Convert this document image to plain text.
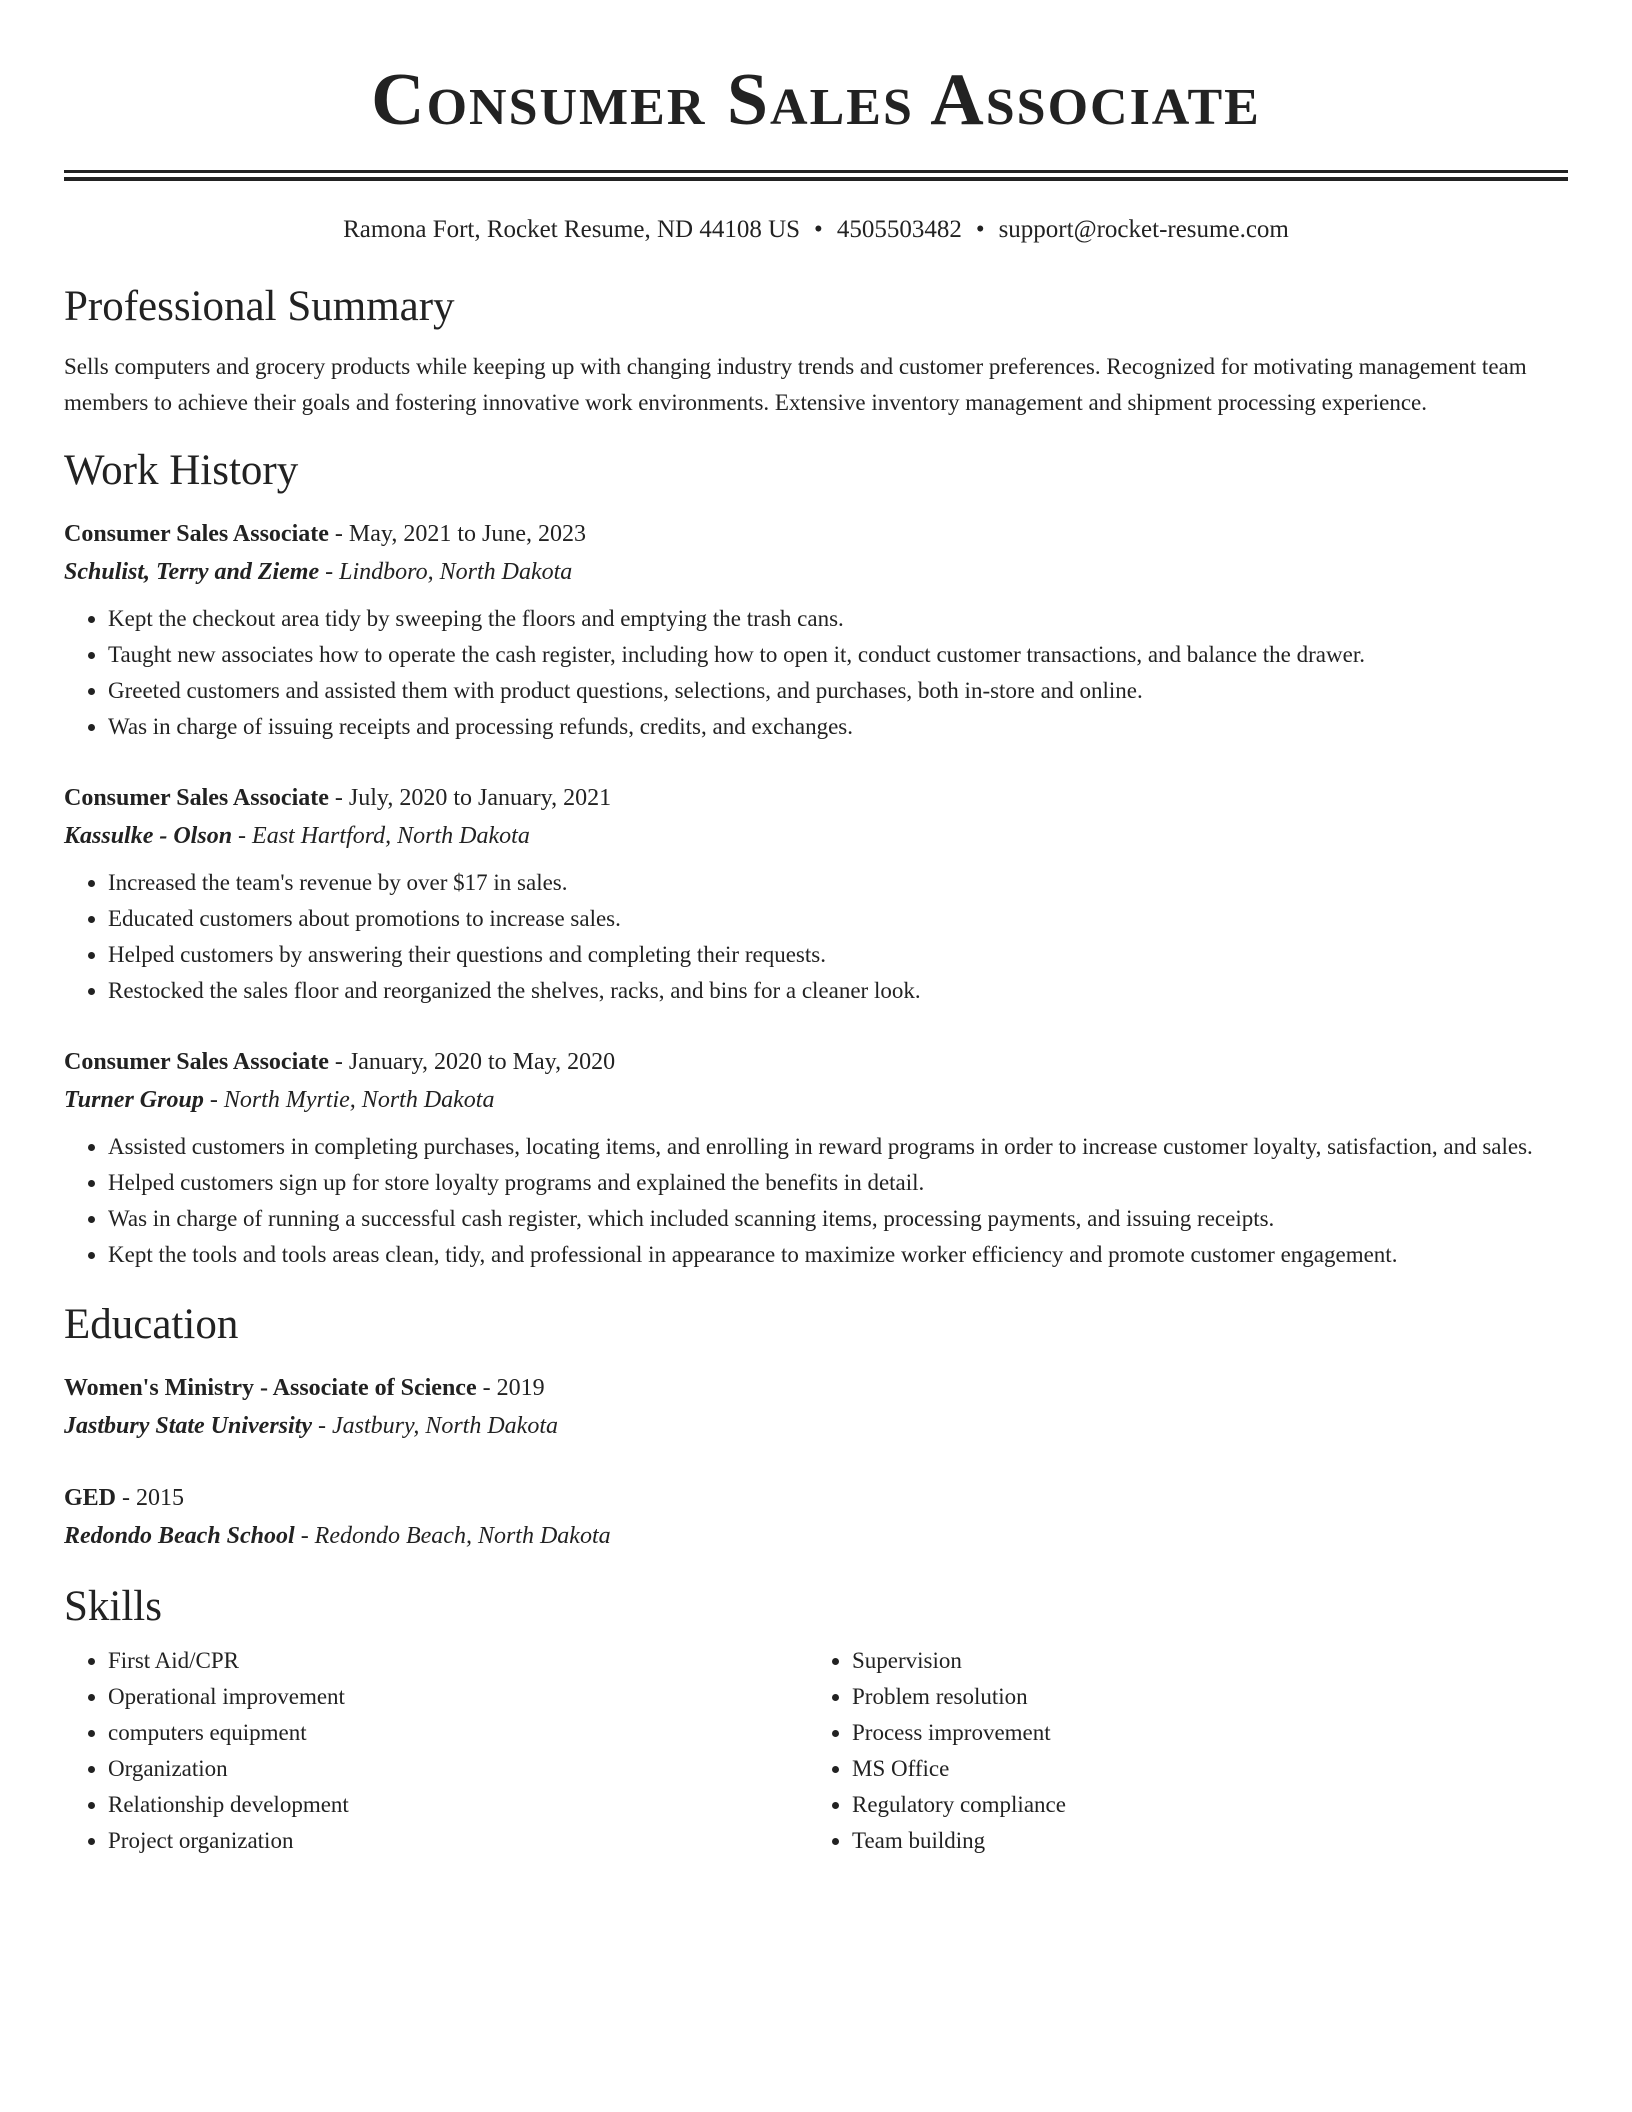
Consumer Sales Associate
Ramona Fort, Rocket Resume, ND 44108 US • 4505503482 • support@rocket-resume.com
Professional Summary
Sells computers and grocery products while keeping up with changing industry trends and customer preferences. Recognized for motivating management team members to achieve their goals and fostering innovative work environments. Extensive inventory management and shipment processing experience.
Work History
Consumer Sales Associate - May, 2021 to June, 2023
Schulist, Terry and Zieme - Lindboro, North Dakota
• Kept the checkout area tidy by sweeping the floors and emptying the trash cans.
• Taught new associates how to operate the cash register, including how to open it, conduct customer transactions, and balance the drawer.
• Greeted customers and assisted them with product questions, selections, and purchases, both in-store and online.
• Was in charge of issuing receipts and processing refunds, credits, and exchanges.
Consumer Sales Associate - July, 2020 to January, 2021
Kassulke - Olson - East Hartford, North Dakota
• Increased the team's revenue by over $17 in sales.
• Educated customers about promotions to increase sales.
• Helped customers by answering their questions and completing their requests.
• Restocked the sales floor and reorganized the shelves, racks, and bins for a cleaner look.
Consumer Sales Associate - January, 2020 to May, 2020
Turner Group - North Myrtie, North Dakota
• Assisted customers in completing purchases, locating items, and enrolling in reward programs in order to increase customer loyalty, satisfaction, and sales.
• Helped customers sign up for store loyalty programs and explained the benefits in detail.
• Was in charge of running a successful cash register, which included scanning items, processing payments, and issuing receipts.
• Kept the tools and tools areas clean, tidy, and professional in appearance to maximize worker efficiency and promote customer engagement.
Education
Women's Ministry - Associate of Science - 2019
Jastbury State University - Jastbury, North Dakota
GED - 2015
Redondo Beach School - Redondo Beach, North Dakota
Skills
• First Aid/CPR
• Operational improvement
• computers equipment
• Organization
• Relationship development
• Project organization
• Supervision
• Problem resolution
• Process improvement
• MS Office
• Regulatory compliance
• Team building
